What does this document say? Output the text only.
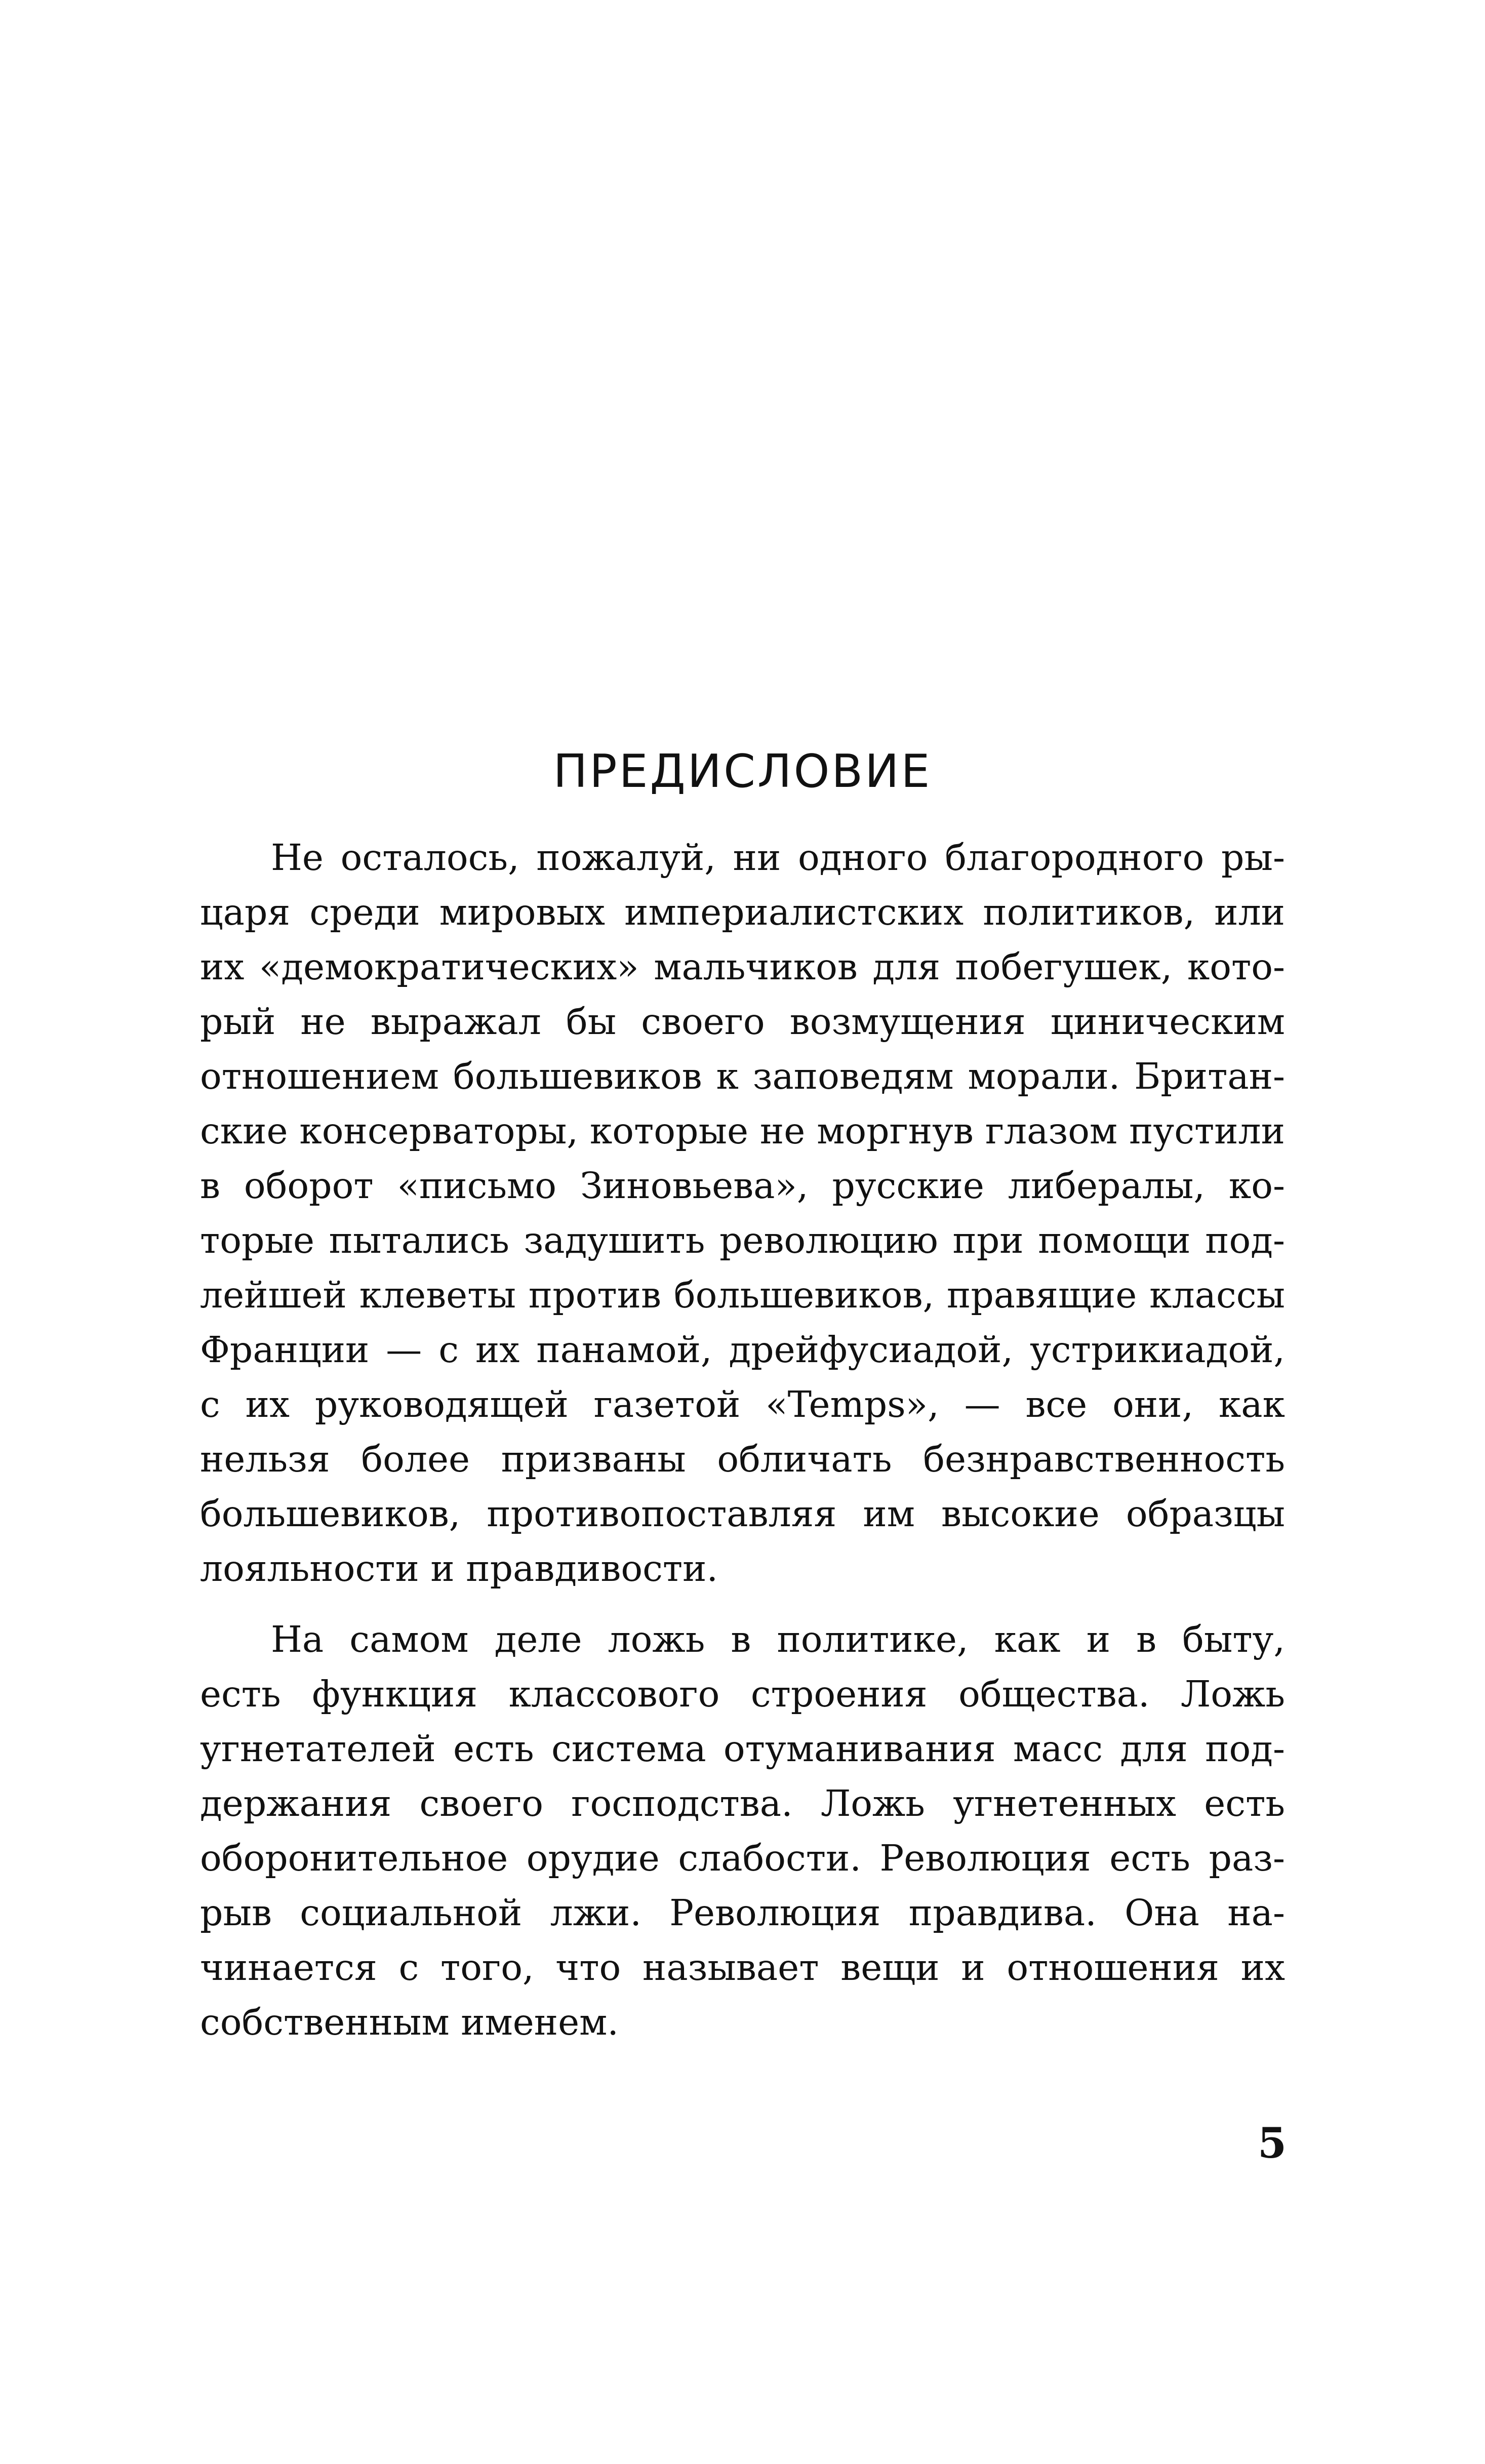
ПРЕДИСЛОВИЕ
Не осталось, пожалуй, ни одного благородного ры-
царя среди мировых империалистских политиков, или
их «демократических» мальчиков для побегушек, кото-
рый не выражал бы своего возмущения циническим
отношением большевиков к заповедям морали. Британ-
ские консерваторы, которые не моргнув глазом пустили
в оборот «письмо Зиновьева», русские либералы, ко-
торые пытались задушить революцию при помощи под-
лейшей клеветы против большевиков, правящие классы
Франции — с их панамой, дрейфусиадой, устрикиадой,
с их руководящей газетой «Temps», — все они, как
нельзя более призваны обличать безнравственность
большевиков, противопоставляя им высокие образцы
лояльности и правдивости.
На самом деле ложь в политике, как и в быту,
есть функция классового строения общества. Ложь
угнетателей есть система отуманивания масс для под-
держания своего господства. Ложь угнетенных есть
оборонительное орудие слабости. Революция есть раз-
рыв социальной лжи. Революция правдива. Она на-
чинается с того, что называет вещи и отношения их
собственным именем.
5
